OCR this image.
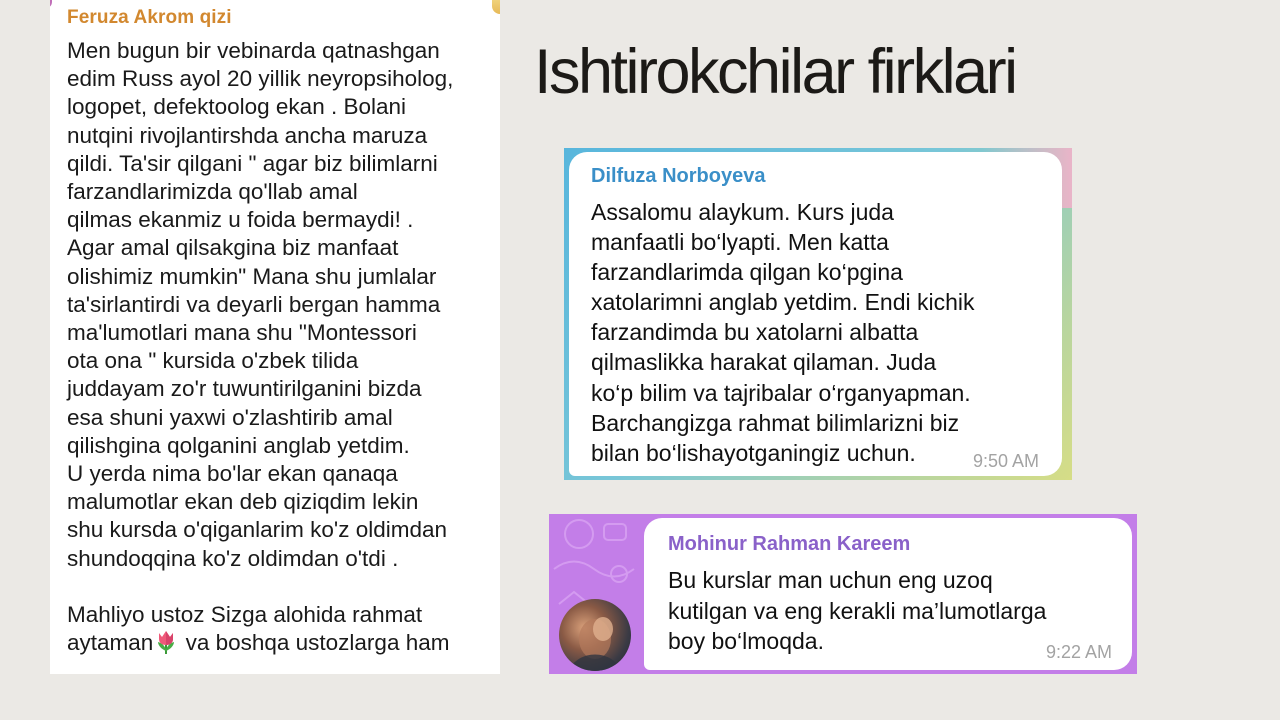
Feruza Akrom qizi
Men bugun bir vebinarda qatnashgan
edim Russ ayol 20 yillik neyropsiholog,
logopet, defektoolog ekan . Bolani
nutqini rivojlantirshda ancha maruza
qildi. Ta'sir qilgani " agar biz bilimlarni
farzandlarimizda qo'llab amal
qilmas ekanmiz u foida bermaydi! .
Agar amal qilsakgina biz manfaat
olishimiz mumkin" Mana shu jumlalar
ta'sirlantirdi va deyarli bergan hamma
ma'lumotlari mana shu "Montessori
ota ona " kursida o'zbek tilida
juddayam zo'r tuwuntirilganini bizda
esa shuni yaxwi o'zlashtirib amal
qilishgina qolganini anglab yetdim.
U yerda nima bo'lar ekan qanaqa
malumotlar ekan deb qiziqdim lekin
shu kursda o'qiganlarim ko'z oldimdan
shundoqqina ko'z oldimdan o'tdi .
Mahliyo ustoz Sizga alohida rahmat
aytaman va boshqa ustozlarga ham
Ishtirokchilar firklari
Dilfuza Norboyeva
Assalomu alaykum. Kurs juda
manfaatli bo‘lyapti. Men katta
farzandlarimda qilgan ko‘pgina
xatolarimni anglab yetdim. Endi kichik
farzandimda bu xatolarni albatta
qilmaslikka harakat qilaman. Juda
ko‘p bilim va tajribalar o‘rganyapman.
Barchangizga rahmat bilimlarizni biz
bilan bo‘lishayotganingiz uchun.	9:50 AM
Mohinur Rahman Kareem
Bu kurslar man uchun eng uzoq
kutilgan va eng kerakli ma’lumotlarga
boy bo‘lmoqda.	9:22 AM
